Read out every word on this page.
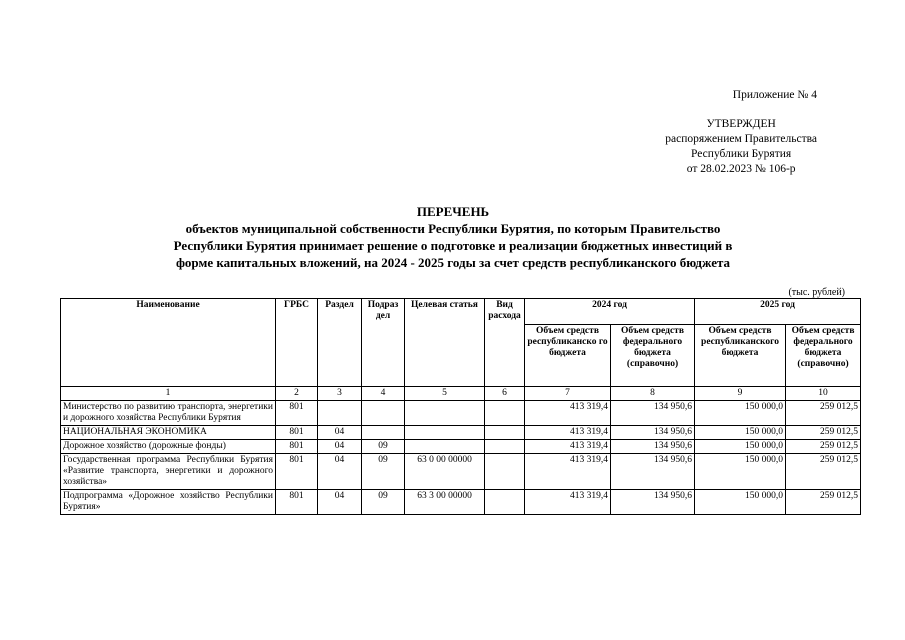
Приложение № 4
УТВЕРЖДЕН
распоряжением Правительства
Республики Бурятия
от 28.02.2023 № 106-р
ПЕРЕЧЕНЬ
объектов муниципальной собственности Республики Бурятия, по которым Правительство
Республики Бурятия принимает решение о подготовке и реализации бюджетных инвестиций в
форме капитальных вложений, на 2024 - 2025 годы за счет средств республиканского бюджета
(тыс. рублей)
Наименование	ГРБС	Раздел	Подраз дел	Целевая статья	Вид расхода	2024 год		2025 год	
						Объем средств республиканско го бюджета	Объем средств федерального бюджета (справочно)	Объем средств республиканского бюджета	Объем средств федерального бюджета (справочно)
1	2	3	4	5	6	7	8	9	10
Министерство по развитию транспорта, энергетики и дорожного хозяйства Республики Бурятия	801					413 319,4	134 950,6	150 000,0	259 012,5
НАЦИОНАЛЬНАЯ ЭКОНОМИКА	801	04				413 319,4	134 950,6	150 000,0	259 012,5
Дорожное хозяйство (дорожные фонды)	801	04	09			413 319,4	134 950,6	150 000,0	259 012,5
Государственная программа Республики Бурятия «Развитие транспорта, энергетики и дорожного хозяйства»	801	04	09	63 0 00 00000		413 319,4	134 950,6	150 000,0	259 012,5
Подпрограмма «Дорожное хозяйство Республики Бурятия»	801	04	09	63 3 00 00000		413 319,4	134 950,6	150 000,0	259 012,5
